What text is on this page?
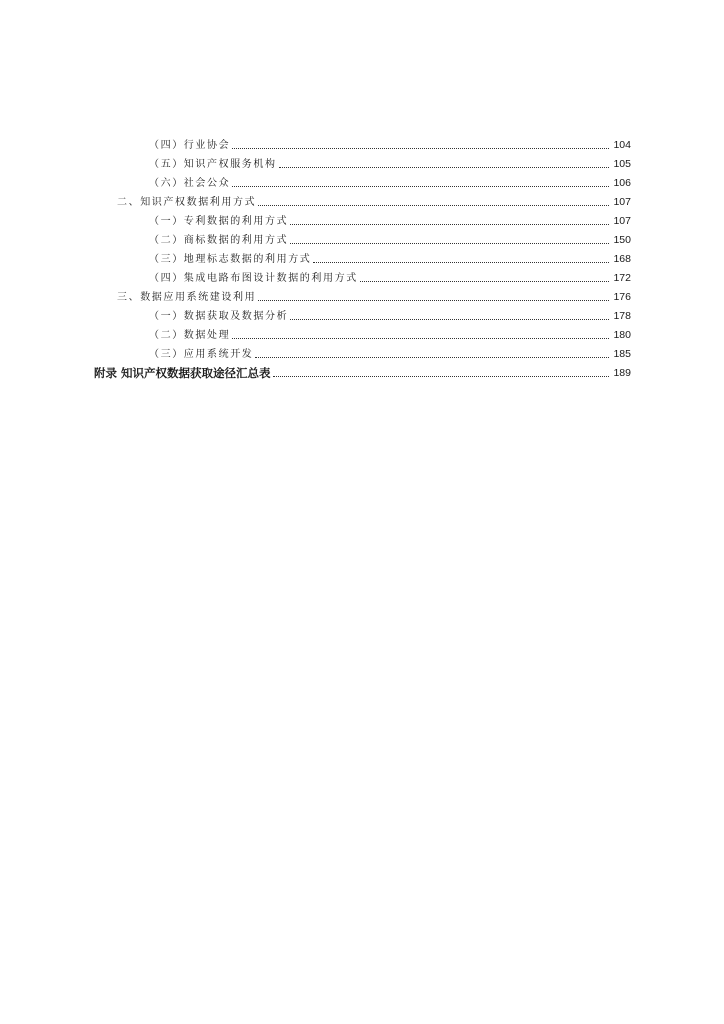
（四）行业协会	104
（五）知识产权服务机构	105
（六）社会公众	106
二、知识产权数据利用方式	107
（一）专利数据的利用方式	107
（二）商标数据的利用方式	150
（三）地理标志数据的利用方式	168
（四）集成电路布图设计数据的利用方式	172
三、数据应用系统建设利用	176
（一）数据获取及数据分析	178
（二）数据处理	180
（三）应用系统开发	185
附录 知识产权数据获取途径汇总表	189
